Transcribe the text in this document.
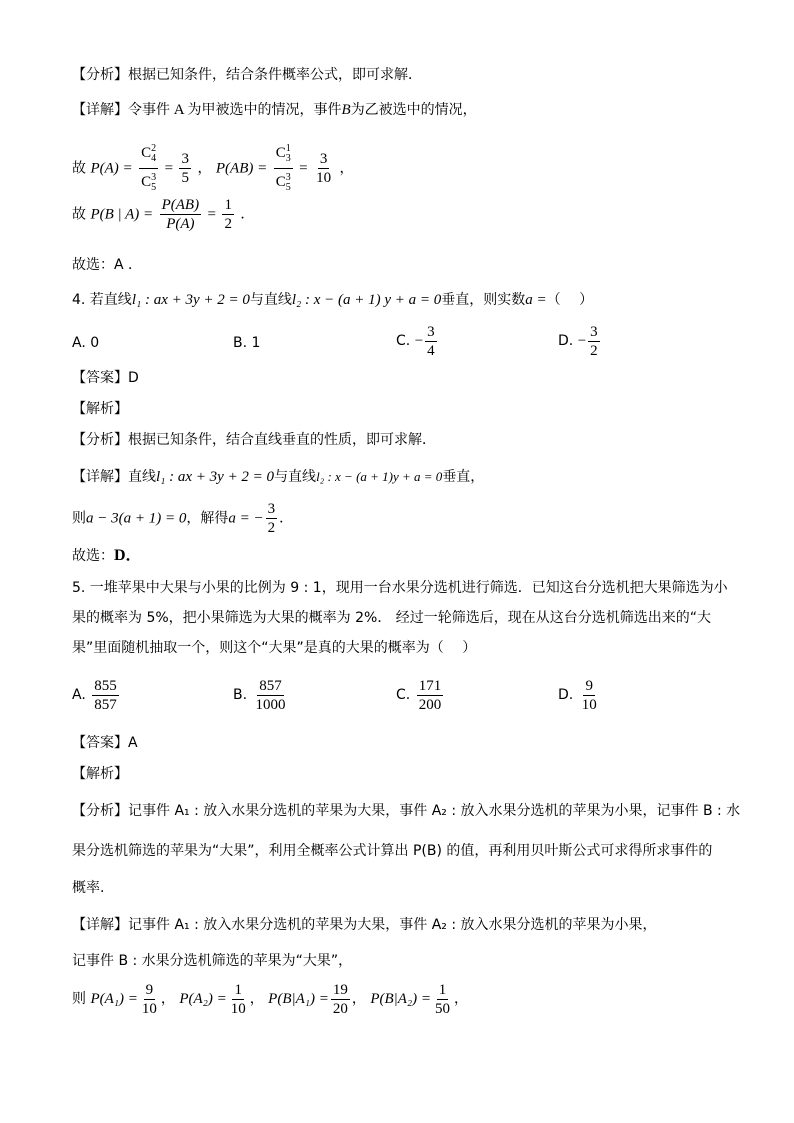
【分析】根据已知条件，结合条件概率公式，即可求解．
【详解】令事件 A 为甲被选中的情况，事件B为乙被选中的情况，
故 $P(A) = \frac{C^2_4}{C^3_5} = \frac{3}{5}$ ， $P(AB) = \frac{C^1_3}{C^3_5} = \frac{3}{10}$ ，
故 P(B | $A) = \frac{P(AB)}{P(A)} = \frac{1}{2}$ ．
故选：A ．
4. 若直线l₁ : ax + 3y + 2 = 0与直线l₂ : x − (a + 1) y + a = 0垂直，则实数a =（　 ）
A. 0	B. 1	C. − $\frac{3}{4}$	D. − $\frac{3}{2}$
【答案】D
【解析】
【分析】根据已知条件，结合直线垂直的性质，即可求解．
【详解】直线l₁ : ax + 3y + 2 = 0与直线l₂ : x − (a + 1)y + a = 0垂直，
则a − 3(a + 1) = 0，解得a = − $\frac{3}{2}$ ．
故选：D．
5. 一堆苹果中大果与小果的比例为 9 : 1，现用一台水果分选机进行筛选．已知这台分选机把大果筛选为小
果的概率为 5%，把小果筛选为大果的概率为 2%． 经过一轮筛选后，现在从这台分选机筛选出来的“大
果”里面随机抽取一个，则这个“大果”是真的大果的概率为（　 ）
A. $\frac{855}{857}$	B. $\frac{857}{1000}$	C. $\frac{171}{200}$	D. $\frac{9}{10}$
【答案】A
【解析】
【分析】记事件 A₁ : 放入水果分选机的苹果为大果，事件 A₂ : 放入水果分选机的苹果为小果，记事件 B : 水
果分选机筛选的苹果为“大果”，利用全概率公式计算出 P(B) 的值，再利用贝叶斯公式可求得所求事件的
概率.
【详解】记事件 A₁ : 放入水果分选机的苹果为大果，事件 A₂ : 放入水果分选机的苹果为小果，
记事件 B : 水果分选机筛选的苹果为“大果”，
则 $P(A_1) = \frac{9}{10}$ ， $P(A_2) = \frac{1}{10}$ ， $P(B|A_1) = \frac{19}{20}$ ， $P(B|A_2) = \frac{1}{50}$ ，
